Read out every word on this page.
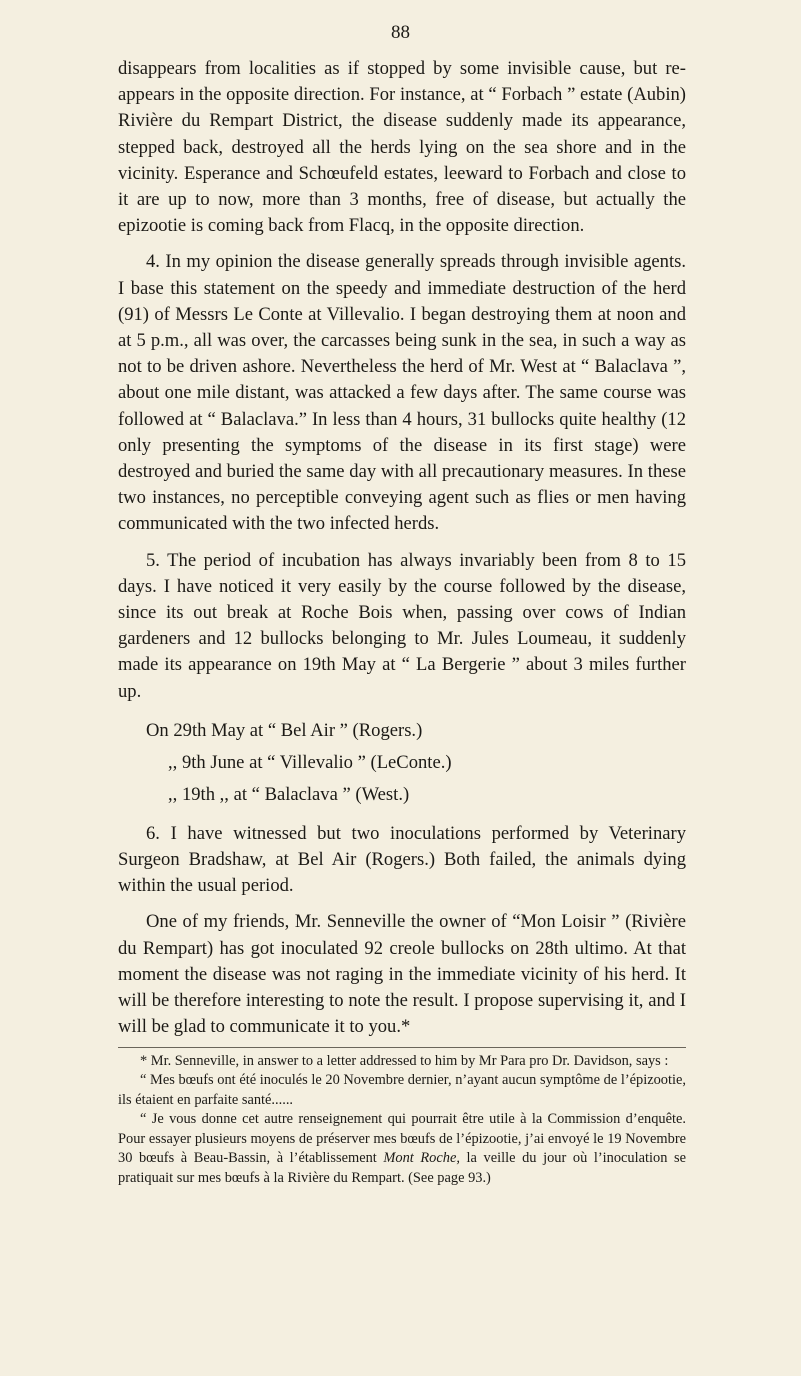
88

disappears from localities as if stopped by some invisible cause, but re-appears in the opposite direction. For instance, at “ Forbach ” estate (Aubin) Rivière du Rempart District, the disease suddenly made its appearance, stepped back, destroyed all the herds lying on the sea shore and in the vicinity. Esperance and Schœufeld estates, leeward to Forbach and close to it are up to now, more than 3 months, free of disease, but actually the epizootie is coming back from Flacq, in the opposite direction.

4. In my opinion the disease generally spreads through invisible agents. I base this statement on the speedy and immediate destruction of the herd (91) of Messrs Le Conte at Villevalio. I began destroying them at noon and at 5 p.m., all was over, the carcasses being sunk in the sea, in such a way as not to be driven ashore. Nevertheless the herd of Mr. West at “ Balaclava ”, about one mile distant, was attacked a few days after. The same course was followed at “ Balaclava.” In less than 4 hours, 31 bullocks quite healthy (12 only presenting the symptoms of the disease in its first stage) were destroyed and buried the same day with all precautionary measures. In these two instances, no perceptible conveying agent such as flies or men having communicated with the two infected herds.

5. The period of incubation has always invariably been from 8 to 15 days. I have noticed it very easily by the course followed by the disease, since its out break at Roche Bois when, passing over cows of Indian gardeners and 12 bullocks belonging to Mr. Jules Loumeau, it suddenly made its appearance on 19th May at “ La Bergerie ” about 3 miles further up.

On 29th May at “ Bel Air ” (Rogers.)
,, 9th June at “ Villevalio ” (LeConte.)
,, 19th ,, at “ Balaclava ” (West.)

6. I have witnessed but two inoculations performed by Veterinary Surgeon Bradshaw, at Bel Air (Rogers.) Both failed, the animals dying within the usual period.

One of my friends, Mr. Senneville the owner of “Mon Loisir ” (Rivière du Rempart) has got inoculated 92 creole bullocks on 28th ultimo. At that moment the disease was not raging in the immediate vicinity of his herd. It will be therefore interesting to note the result. I propose supervising it, and I will be glad to communicate it to you.*

* Mr. Senneville, in answer to a letter addressed to him by Mr Para pro Dr. Davidson, says :

“ Mes bœufs ont été inoculés le 20 Novembre dernier, n’ayant aucun symptôme de l’épizootie, ils étaient en parfaite santé......

“ Je vous donne cet autre renseignement qui pourrait être utile à la Commission d’enquête. Pour essayer plusieurs moyens de préserver mes bœufs de l’épizootie, j’ai envoyé le 19 Novembre 30 bœufs à Beau-Bassin, à l’établissement Mont Roche, la veille du jour où l’inoculation se pratiquait sur mes bœufs à la Rivière du Rempart. (See page 93.)
